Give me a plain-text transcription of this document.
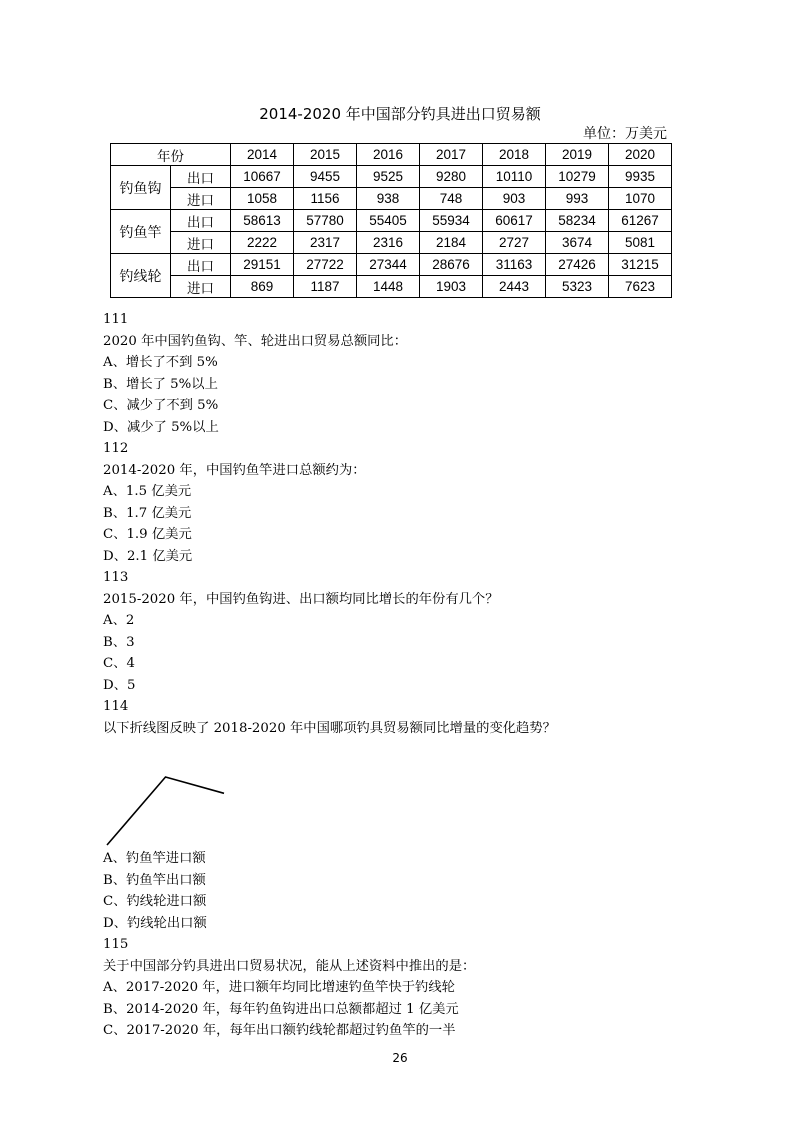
2014-2020 年中国部分钓具进出口贸易额
单位：万美元
年份		2014	2015	2016	2017	2018	2019	2020
钓鱼钩	出口	10667	9455	9525	9280	10110	10279	9935
	进口	1058	1156	938	748	903	993	1070
钓鱼竿	出口	58613	57780	55405	55934	60617	58234	61267
	进口	2222	2317	2316	2184	2727	3674	5081
钓线轮	出口	29151	27722	27344	28676	31163	27426	31215
	进口	869	1187	1448	1903	2443	5323	7623
111
2020 年中国钓鱼钩、竿、轮进出口贸易总额同比：
A、增长了不到 5%
B、增长了 5%以上
C、减少了不到 5%
D、减少了 5%以上
112
2014-2020 年，中国钓鱼竿进口总额约为：
A、1.5 亿美元
B、1.7 亿美元
C、1.9 亿美元
D、2.1 亿美元
113
2015-2020 年，中国钓鱼钩进、出口额均同比增长的年份有几个？
A、2
B、3
C、4
D、5
114
以下折线图反映了 2018-2020 年中国哪项钓具贸易额同比增量的变化趋势？
A、钓鱼竿进口额
B、钓鱼竿出口额
C、钓线轮进口额
D、钓线轮出口额
115
关于中国部分钓具进出口贸易状况，能从上述资料中推出的是：
A、2017-2020 年，进口额年均同比增速钓鱼竿快于钓线轮
B、2014-2020 年，每年钓鱼钩进出口总额都超过 1 亿美元
C、2017-2020 年，每年出口额钓线轮都超过钓鱼竿的一半
26
